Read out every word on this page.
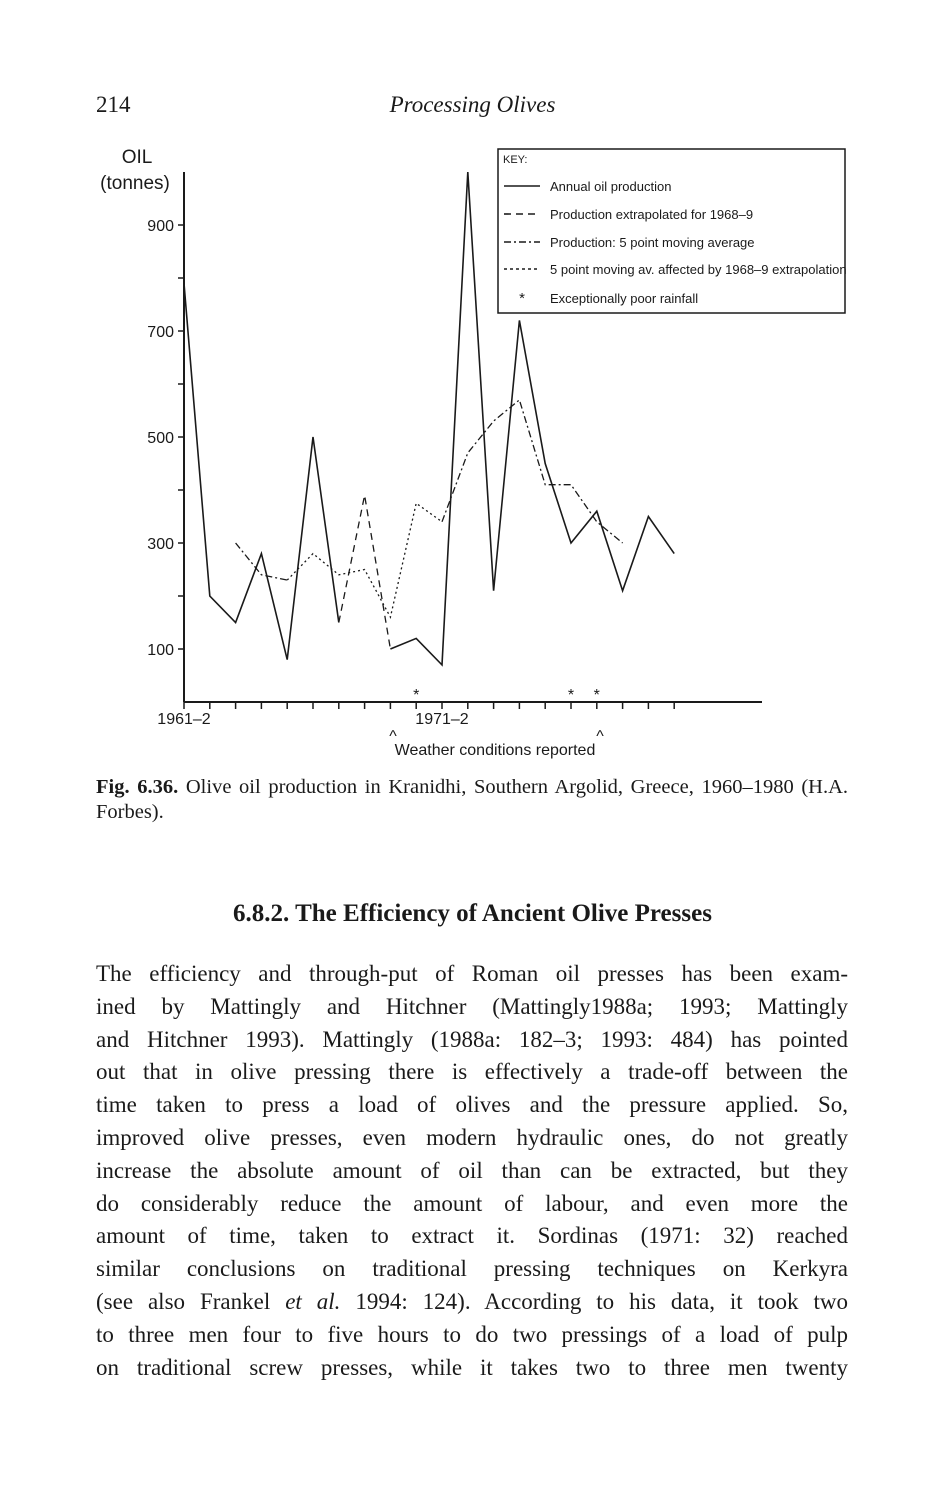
214	Processing Olives
OIL
(tonnes)
900
700
500
300
100
*	* *
KEY:
*
Annual oil production
Production extrapolated for 1968–9
Production: 5 point moving average
5 point moving av. affected by 1968–9 extrapolation
Exceptionally poor rainfall
1961–2	1971–2
^	^
Weather conditions reported
Fig. 6.36. Olive oil production in Kranidhi, Southern Argolid, Greece, 1960–1980 (H.A. Forbes).
6.8.2. The Efficiency of Ancient Olive Presses
The efficiency and through-put of Roman oil presses has been exam-
ined by Mattingly and Hitchner (Mattingly1988a; 1993; Mattingly
and Hitchner 1993). Mattingly (1988a: 182–3; 1993: 484) has pointed
out that in olive pressing there is effectively a trade-off between the
time taken to press a load of olives and the pressure applied. So,
improved olive presses, even modern hydraulic ones, do not greatly
increase the absolute amount of oil than can be extracted, but they
do considerably reduce the amount of labour, and even more the
amount of time, taken to extract it. Sordinas (1971: 32) reached
similar conclusions on traditional pressing techniques on Kerkyra
(see also Frankel et al. 1994: 124). According to his data, it took two
to three men four to five hours to do two pressings of a load of pulp
on traditional screw presses, while it takes two to three men twenty
